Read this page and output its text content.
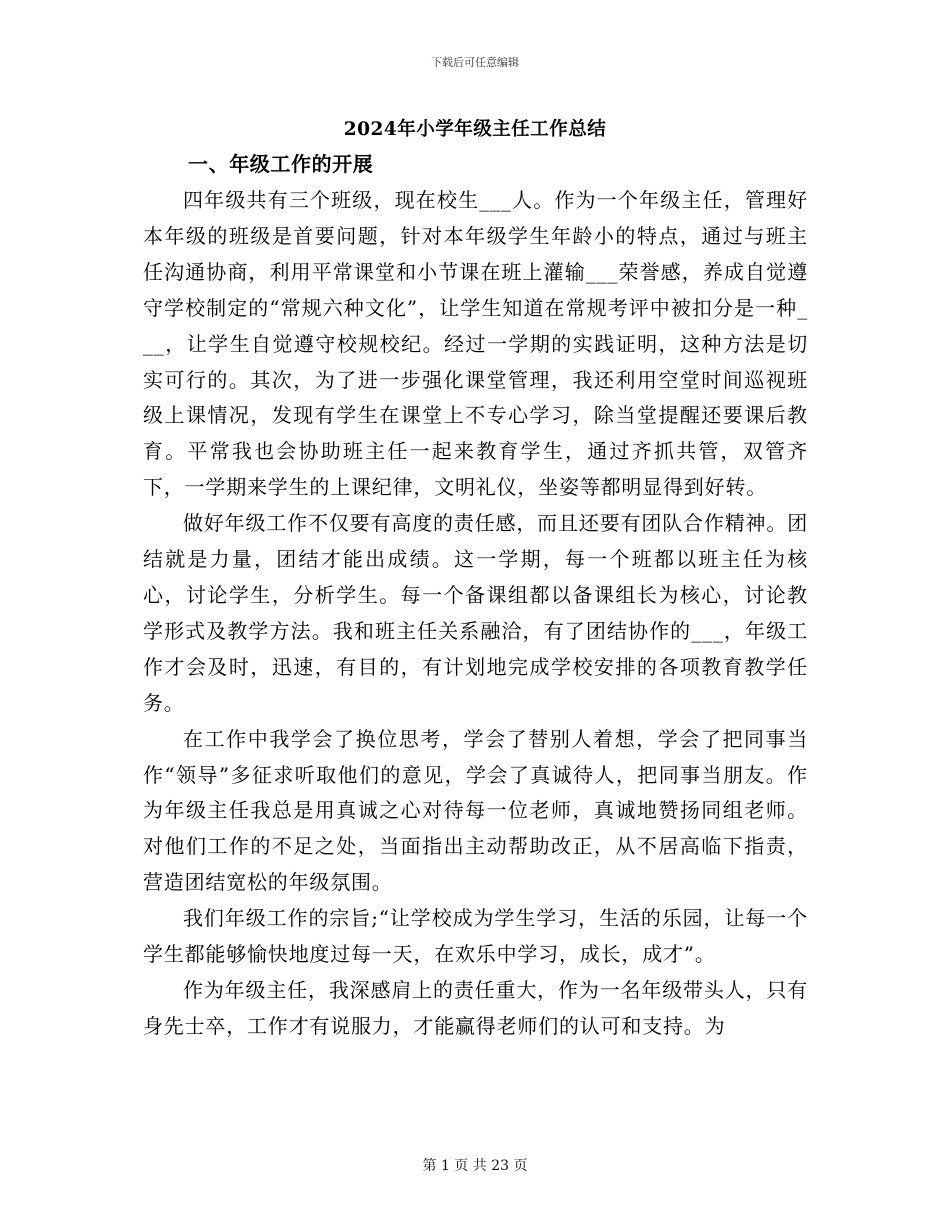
下载后可任意编辑
2024年小学年级主任工作总结
一、年级工作的开展

四年级共有三个班级，现在校生___人。作为一个年级主任，管理好本年级的班级是首要问题，针对本年级学生年龄小的特点，通过与班主任沟通协商，利用平常课堂和小节课在班上灌输___荣誉感，养成自觉遵守学校制定的“常规六种文化”，让学生知道在常规考评中被扣分是一种___，让学生自觉遵守校规校纪。经过一学期的实践证明，这种方法是切实可行的。其次，为了进一步强化课堂管理，我还利用空堂时间巡视班级上课情况，发现有学生在课堂上不专心学习，除当堂提醒还要课后教育。平常我也会协助班主任一起来教育学生，通过齐抓共管，双管齐下，一学期来学生的上课纪律，文明礼仪，坐姿等都明显得到好转。

做好年级工作不仅要有高度的责任感，而且还要有团队合作精神。团结就是力量，团结才能出成绩。这一学期，每一个班都以班主任为核心，讨论学生，分析学生。每一个备课组都以备课组长为核心，讨论教学形式及教学方法。我和班主任关系融洽，有了团结协作的___，年级工作才会及时，迅速，有目的，有计划地完成学校安排的各项教育教学任务。

在工作中我学会了换位思考，学会了替别人着想，学会了把同事当作“领导”多征求听取他们的意见，学会了真诚待人，把同事当朋友。作为年级主任我总是用真诚之心对待每一位老师，真诚地赞扬同组老师。对他们工作的不足之处，当面指出主动帮助改正，从不居高临下指责，营造团结宽松的年级氛围。

我们年级工作的宗旨;“让学校成为学生学习，生活的乐园，让每一个学生都能够愉快地度过每一天，在欢乐中学习，成长，成才”。

作为年级主任，我深感肩上的责任重大，作为一名年级带头人，只有身先士卒，工作才有说服力，才能赢得老师们的认可和支持。为

第 1 页 共 23 页
